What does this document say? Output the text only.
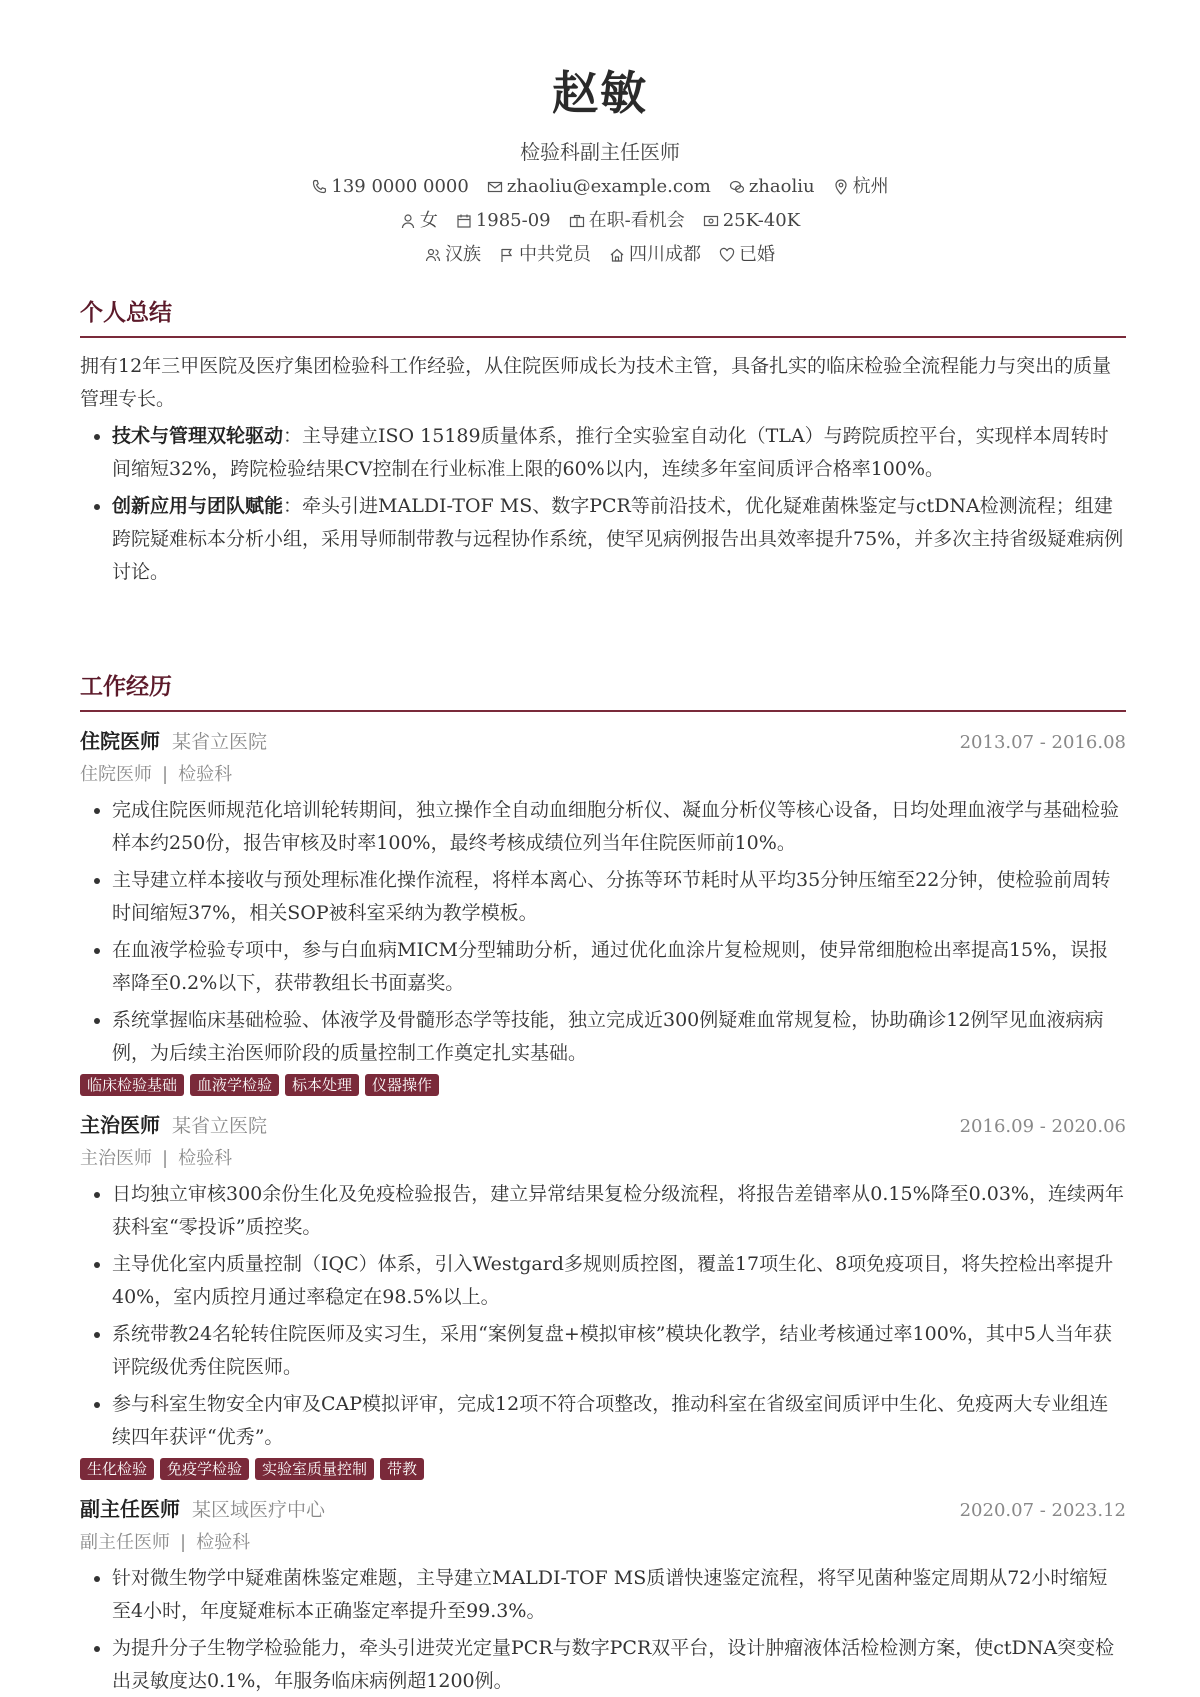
赵敏
检验科副主任医师
139 0000 0000 zhaoliu@example.com zhaoliu 杭州
女 1985-09 在职-看机会 25K-40K
汉族 中共党员 四川成都 已婚
个人总结

拥有12年三甲医院及医疗集团检验科工作经验，从住院医师成长为技术主管，具备扎实的临床检验全流程能力与突出的质量管理专长。

• 技术与管理双轮驱动：主导建立ISO 15189质量体系，推行全实验室自动化（TLA）与跨院质控平台，实现样本周转时间缩短32%，跨院检验结果CV控制在行业标准上限的60%以内，连续多年室间质评合格率100%。
• 创新应用与团队赋能：牵头引进MALDI-TOF MS、数字PCR等前沿技术，优化疑难菌株鉴定与ctDNA检测流程；组建跨院疑难标本分析小组，采用导师制带教与远程协作系统，使罕见病例报告出具效率提升75%，并多次主持省级疑难病例讨论。
工作经历
住院医师 某省立医院	2013.07 - 2016.08
住院医师 | 检验科
• 完成住院医师规范化培训轮转期间，独立操作全自动血细胞分析仪、凝血分析仪等核心设备，日均处理血液学与基础检验样本约250份，报告审核及时率100%，最终考核成绩位列当年住院医师前10%。
• 主导建立样本接收与预处理标准化操作流程，将样本离心、分拣等环节耗时从平均35分钟压缩至22分钟，使检验前周转时间缩短37%，相关SOP被科室采纳为教学模板。
• 在血液学检验专项中，参与白血病MICM分型辅助分析，通过优化血涂片复检规则，使异常细胞检出率提高15%，误报率降至0.2%以下，获带教组长书面嘉奖。
• 系统掌握临床基础检验、体液学及骨髓形态学等技能，独立完成近300例疑难血常规复检，协助确诊12例罕见血液病病例，为后续主治医师阶段的质量控制工作奠定扎实基础。
临床检验基础	血液学检验	标本处理	仪器操作
主治医师 某省立医院	2016.09 - 2020.06
主治医师 | 检验科
• 日均独立审核300余份生化及免疫检验报告，建立异常结果复检分级流程，将报告差错率从0.15%降至0.03%，连续两年获科室“零投诉”质控奖。
• 主导优化室内质量控制（IQC）体系，引入Westgard多规则质控图，覆盖17项生化、8项免疫项目，将失控检出率提升40%，室内质控月通过率稳定在98.5%以上。
• 系统带教24名轮转住院医师及实习生，采用“案例复盘+模拟审核”模块化教学，结业考核通过率100%，其中5人当年获评院级优秀住院医师。
• 参与科室生物安全内审及CAP模拟评审，完成12项不符合项整改，推动科室在省级室间质评中生化、免疫两大专业组连续四年获评“优秀”。
生化检验	免疫学检验	实验室质量控制	带教
副主任医师 某区域医疗中心	2020.07 - 2023.12
副主任医师 | 检验科
• 针对微生物学中疑难菌株鉴定难题，主导建立MALDI-TOF MS质谱快速鉴定流程，将罕见菌种鉴定周期从72小时缩短至4小时，年度疑难标本正确鉴定率提升至99.3%。
• 为提升分子生物学检验能力，牵头引进荧光定量PCR与数字PCR双平台，设计肿瘤液体活检检测方案，使ctDNA突变检出灵敏度达0.1%，年服务临床病例超1200例。
